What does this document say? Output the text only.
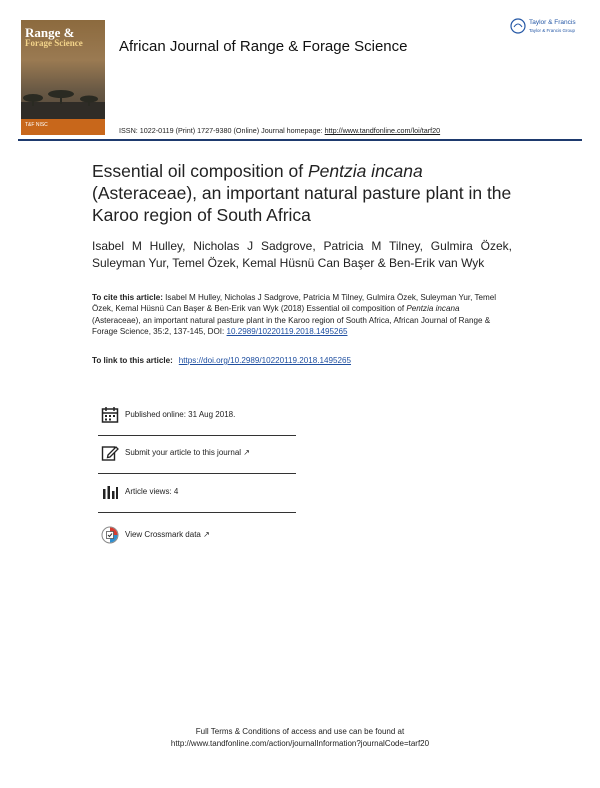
Range &
Forage Science
T&F NISC
African Journal of Range & Forage Science
Taylor & Francis
Taylor & Francis Group
ISSN: 1022-0119 (Print) 1727-9380 (Online) Journal homepage: http://www.tandfonline.com/loi/tarf20
Essential oil composition of Pentzia incana (Asteraceae), an important natural pasture plant in the Karoo region of South Africa
Isabel M Hulley, Nicholas J Sadgrove, Patricia M Tilney, Gulmira Özek, Suleyman Yur, Temel Özek, Kemal Hüsnü Can Başer & Ben-Erik van Wyk
To cite this article: Isabel M Hulley, Nicholas J Sadgrove, Patricia M Tilney, Gulmira Özek, Suleyman Yur, Temel Özek, Kemal Hüsnü Can Başer & Ben-Erik van Wyk (2018) Essential oil composition of Pentzia incana (Asteraceae), an important natural pasture plant in the Karoo region of South Africa, African Journal of Range & Forage Science, 35:2, 137-145, DOI: 10.2989/10220119.2018.1495265
To link to this article: https://doi.org/10.2989/10220119.2018.1495265
Published online: 31 Aug 2018.
Submit your article to this journal ↗
Article views: 4
View Crossmark data ↗
Full Terms & Conditions of access and use can be found at
http://www.tandfonline.com/action/journalInformation?journalCode=tarf20
